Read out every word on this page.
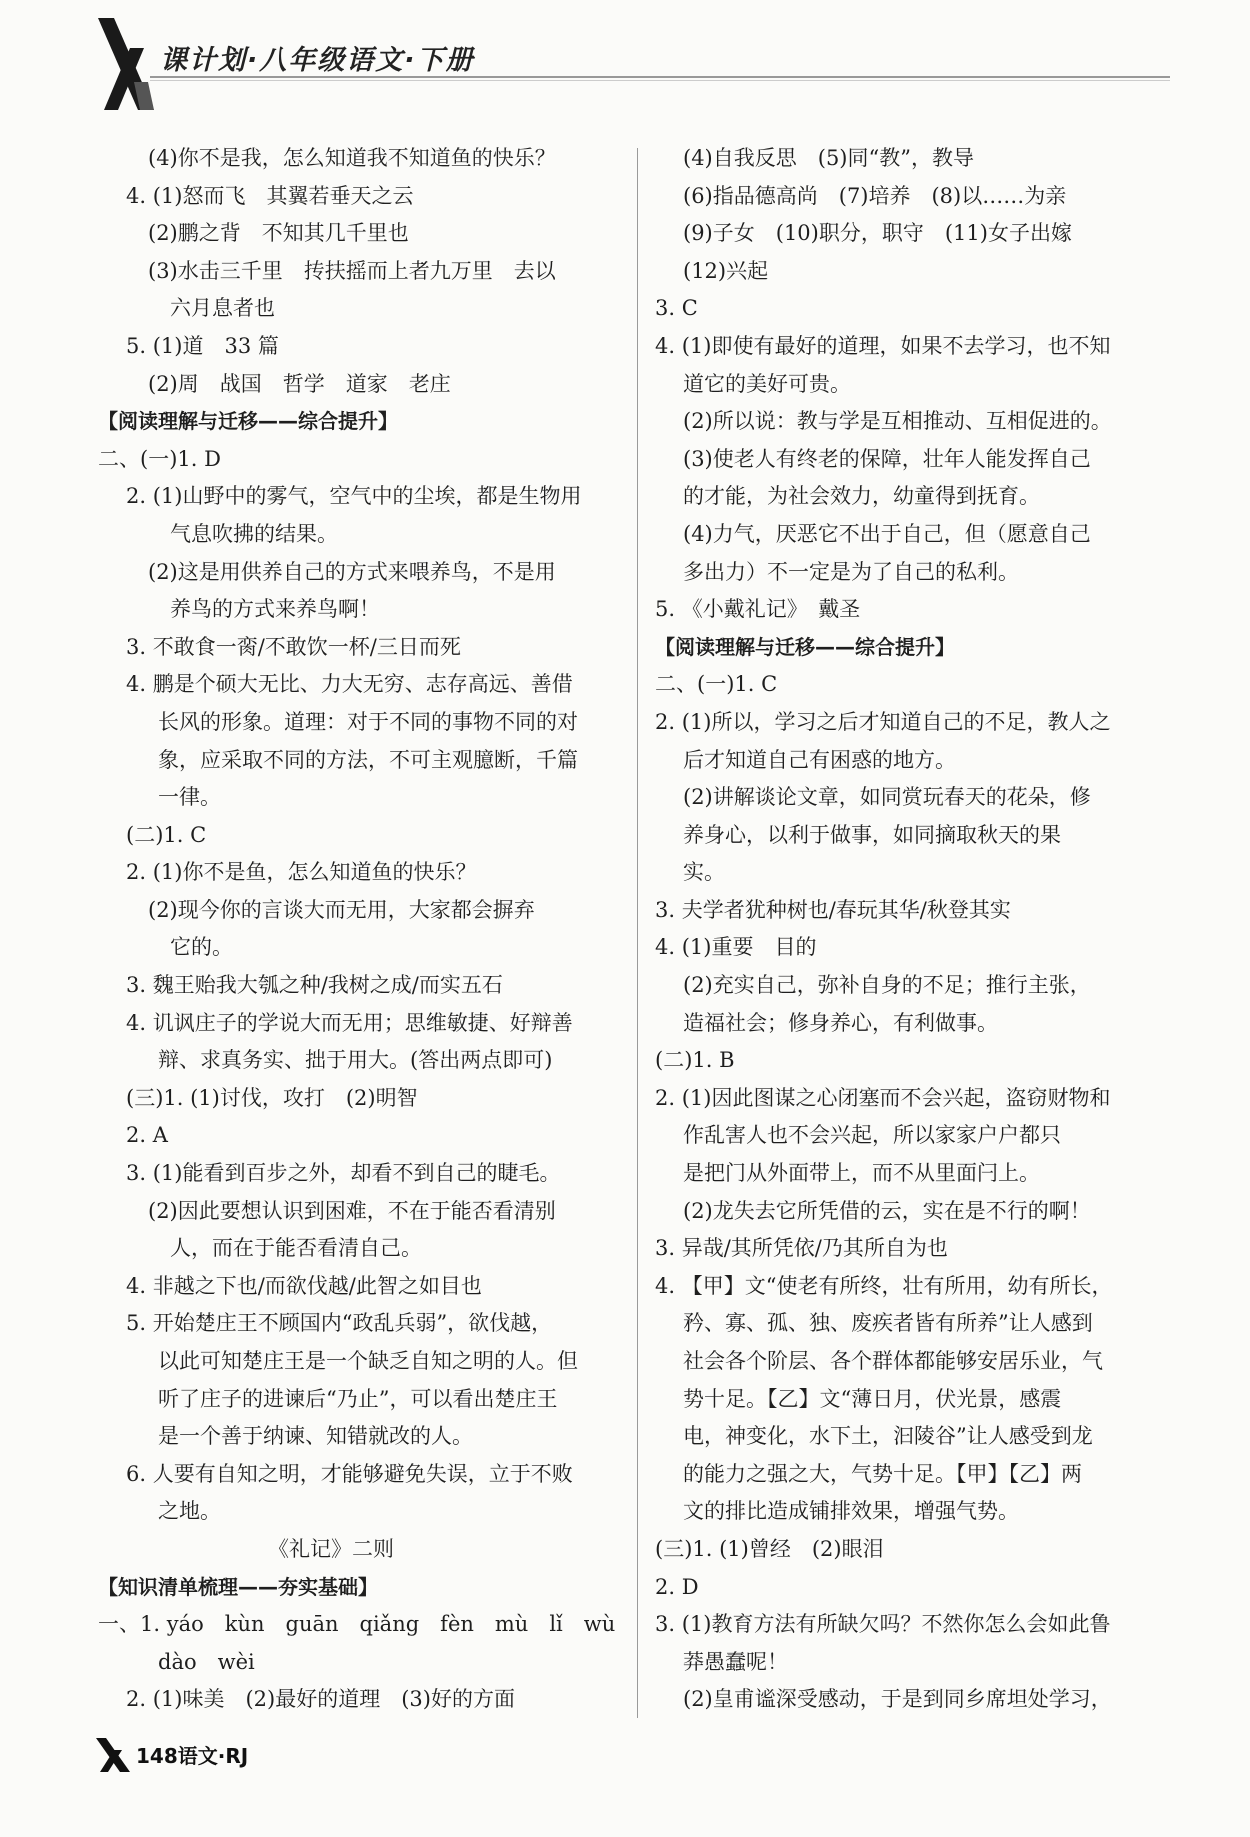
课计划·八年级语文·下册
(4)你不是我，怎么知道我不知道鱼的快乐？
4. (1)怒而飞　其翼若垂天之云
(2)鹏之背　不知其几千里也
(3)水击三千里　抟扶摇而上者九万里　去以
六月息者也
5. (1)道　33 篇
(2)周　战国　哲学　道家　老庄
【阅读理解与迁移——综合提升】
二、(一)1. D
2. (1)山野中的雾气，空气中的尘埃，都是生物用
气息吹拂的结果。
(2)这是用供养自己的方式来喂养鸟，不是用
养鸟的方式来养鸟啊！
3. 不敢食一脔/不敢饮一杯/三日而死
4. 鹏是个硕大无比、力大无穷、志存高远、善借
长风的形象。道理：对于不同的事物不同的对
象，应采取不同的方法，不可主观臆断，千篇
一律。
(二)1. C
2. (1)你不是鱼，怎么知道鱼的快乐？
(2)现今你的言谈大而无用，大家都会摒弃
它的。
3. 魏王贻我大瓠之种/我树之成/而实五石
4. 讥讽庄子的学说大而无用；思维敏捷、好辩善
辩、求真务实、拙于用大。(答出两点即可)
(三)1. (1)讨伐，攻打　(2)明智
2. A
3. (1)能看到百步之外，却看不到自己的睫毛。
(2)因此要想认识到困难，不在于能否看清别
人，而在于能否看清自己。
4. 非越之下也/而欲伐越/此智之如目也
5. 开始楚庄王不顾国内“政乱兵弱”，欲伐越，
以此可知楚庄王是一个缺乏自知之明的人。但
听了庄子的进谏后“乃止”，可以看出楚庄王
是一个善于纳谏、知错就改的人。
6. 人要有自知之明，才能够避免失误，立于不败
之地。
《礼记》二则
【知识清单梳理——夯实基础】
一、1. yáo　kùn　guān　qiǎng　fèn　mù　lǐ　wù
dào　wèi
2. (1)味美　(2)最好的道理　(3)好的方面
(4)自我反思　(5)同“教”，教导
(6)指品德高尚　(7)培养　(8)以……为亲
(9)子女　(10)职分，职守　(11)女子出嫁
(12)兴起
3. C
4. (1)即使有最好的道理，如果不去学习，也不知
道它的美好可贵。
(2)所以说：教与学是互相推动、互相促进的。
(3)使老人有终老的保障，壮年人能发挥自己
的才能，为社会效力，幼童得到抚育。
(4)力气，厌恶它不出于自己，但（愿意自己
多出力）不一定是为了自己的私利。
5. 《小戴礼记》　戴圣
【阅读理解与迁移——综合提升】
二、(一)1. C
2. (1)所以，学习之后才知道自己的不足，教人之
后才知道自己有困惑的地方。
(2)讲解谈论文章，如同赏玩春天的花朵，修
养身心，以利于做事，如同摘取秋天的果
实。
3. 夫学者犹种树也/春玩其华/秋登其实
4. (1)重要　目的
(2)充实自己，弥补自身的不足；推行主张，
造福社会；修身养心，有利做事。
(二)1. B
2. (1)因此图谋之心闭塞而不会兴起，盗窃财物和
作乱害人也不会兴起，所以家家户户都只
是把门从外面带上，而不从里面闩上。
(2)龙失去它所凭借的云，实在是不行的啊！
3. 异哉/其所凭依/乃其所自为也
4. 【甲】文“使老有所终，壮有所用，幼有所长，
矜、寡、孤、独、废疾者皆有所养”让人感到
社会各个阶层、各个群体都能够安居乐业，气
势十足。【乙】文“薄日月，伏光景，感震
电，神变化，水下土，汩陵谷”让人感受到龙
的能力之强之大，气势十足。【甲】【乙】两
文的排比造成铺排效果，增强气势。
(三)1. (1)曾经　(2)眼泪
2. D
3. (1)教育方法有所缺欠吗？不然你怎么会如此鲁
莽愚蠢呢！
(2)皇甫谧深受感动，于是到同乡席坦处学习，
148语文·RJ
